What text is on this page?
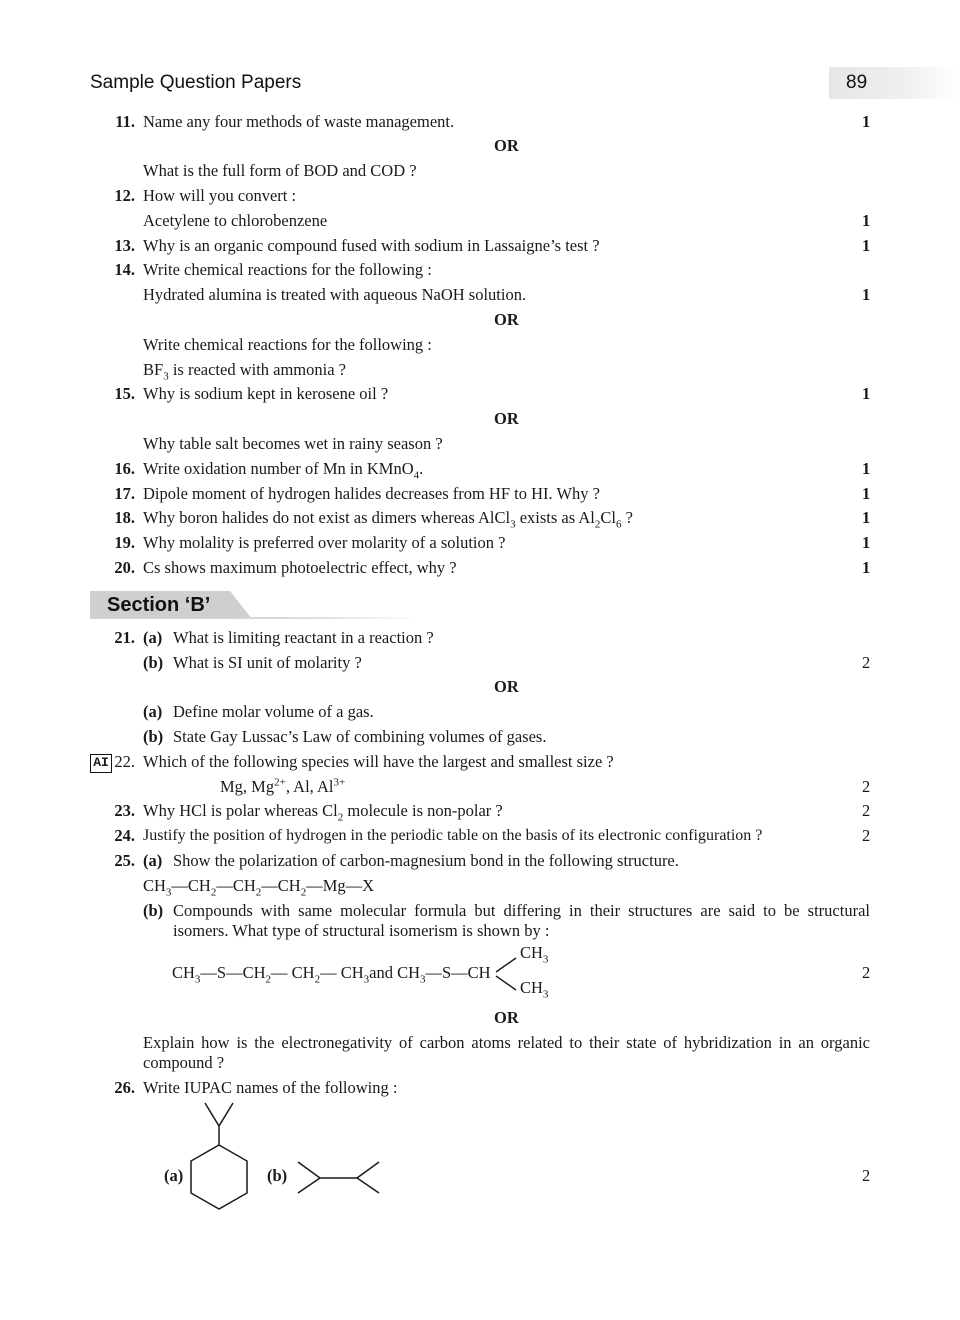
Sample Question Papers	89
11. Name any four methods of waste management.	1
OR
What is the full form of BOD and COD ?
12. How will you convert :
Acetylene to chlorobenzene	1
13. Why is an organic compound fused with sodium in Lassaigne’s test ?	1
14. Write chemical reactions for the following :
Hydrated alumina is treated with aqueous NaOH solution.	1
OR
Write chemical reactions for the following :
$BF_3$ is reacted with ammonia ?
15. Why is sodium kept in kerosene oil ?	1
OR
Why table salt becomes wet in rainy season ?
16. Write oxidation number of Mn in KMnO$_4$.	1
17. Dipole moment of hydrogen halides decreases from HF to HI. Why ?	1
18. Why boron halides do not exist as dimers whereas AlCl$_3$ exists as $Al_2Cl_6$ ?	1
19. Why molality is preferred over molarity of a solution ?	1
20. Cs shows maximum photoelectric effect, why ?	1
Section ‘B’
21. (a) What is limiting reactant in a reaction ?
(b) What is SI unit of molarity ?	2
OR
(a) Define molar volume of a gas.
(b) State Gay Lussac’s Law of combining volumes of gases.
AI 22. Which of the following species will have the largest and smallest size ?
Mg, $Mg^{2+}$, Al, $Al^{3+}$	2
23. Why HCl is polar whereas $Cl_2$ molecule is non-polar ?	2
24. Justify the position of hydrogen in the periodic table on the basis of its electronic configuration ?	2
25. (a) Show the polarization of carbon-magnesium bond in the following structure.
$CH_3—CH_2—CH_2—CH_2—Mg—X$
(b) Compounds with same molecular formula but differing in their structures are said to be structural isomers. What type of structural isomerism is shown by :
$CH_3—S—CH_2—$ $CH_2—$ $CH_3and$ $CH_3—S—CH$	2
$CH_3$
$CH_3$
OR
Explain how is the electronegativity of carbon atoms related to their state of hybridization in an organic compound ?
26. Write IUPAC names of the following :
(a)	(b)	2
